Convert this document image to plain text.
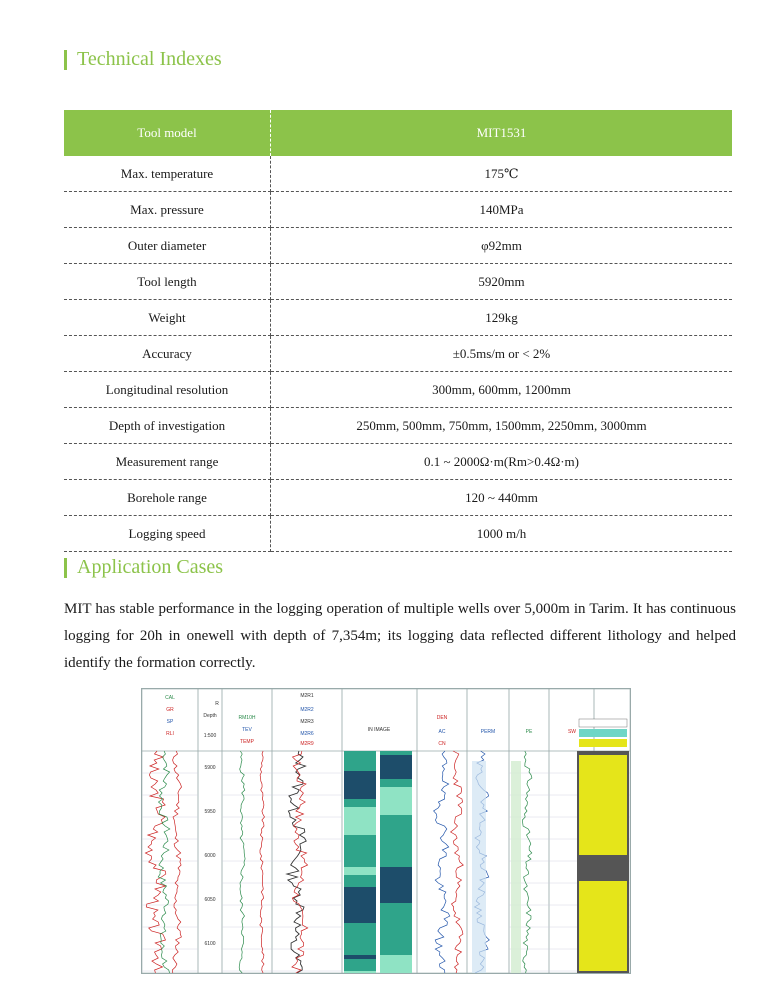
Technical Indexes
Tool model	MIT1531
Max. temperature	175℃
Max. pressure	140MPa
Outer diameter	φ92mm
Tool length	5920mm
Weight	129kg
Accuracy	±0.5ms/m or < 2%
Longitudinal resolution	300mm, 600mm, 1200mm
Depth of investigation	250mm, 500mm, 750mm, 1500mm, 2250mm, 3000mm
Measurement range	0.1 ~ 2000Ω·m(Rm>0.4Ω·m)
Borehole range	120 ~ 440mm
Logging speed	1000 m/h
Application Cases

MIT has stable performance in the logging operation of multiple wells over 5,000m in Tarim. It has continuous logging for 20h in onewell with depth of 7,354m; its logging data reflected different lithology and helped identify the formation correctly.

CAL
GR
SP
RLI
Depth
1:500
R
RM10H
TEV
TEMP
M2R1
M2R2
M2R3
M2R6
M2R9
IN IMAGE
DEN
AC
CN
PERM	PE	SW
5900
5950
6000
6050
6100
